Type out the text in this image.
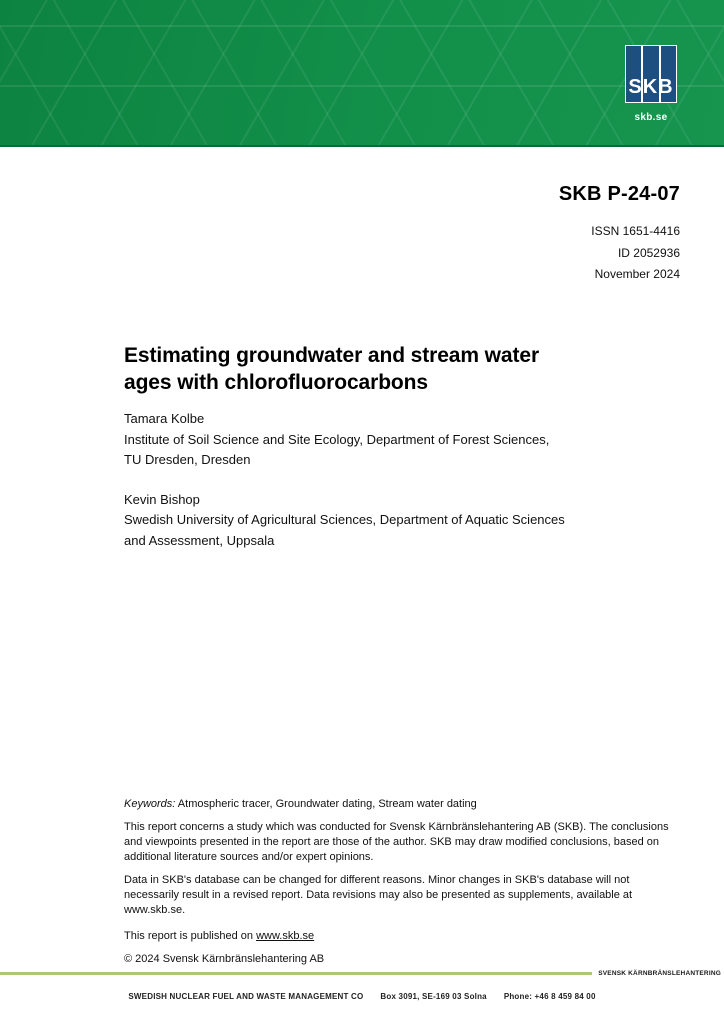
SKB
skb.se
SKB P-24-07
ISSN 1651-4416
ID 2052936
November 2024
Estimating groundwater and stream water
ages with chlorofluorocarbons
Tamara Kolbe
Institute of Soil Science and Site Ecology, Department of Forest Sciences,
TU Dresden, Dresden
Kevin Bishop
Swedish University of Agricultural Sciences, Department of Aquatic Sciences
and Assessment, Uppsala

Keywords: Atmospheric tracer, Groundwater dating, Stream water dating

This report concerns a study which was conducted for Svensk Kärnbränslehantering AB (SKB). The conclusions and viewpoints presented in the report are those of the author. SKB may draw modified conclusions, based on additional literature sources and/or expert opinions.

Data in SKB's database can be changed for different reasons. Minor changes in SKB's database will not necessarily result in a revised report. Data revisions may also be presented as supplements, available at www.skb.se.

This report is published on www.skb.se

© 2024 Svensk Kärnbränslehantering AB

SVENSK KÄRNBRÄNSLEHANTERING
SWEDISH NUCLEAR FUEL AND WASTE MANAGEMENT CO Box 3091, SE-169 03 Solna Phone: +46 8 459 84 00
